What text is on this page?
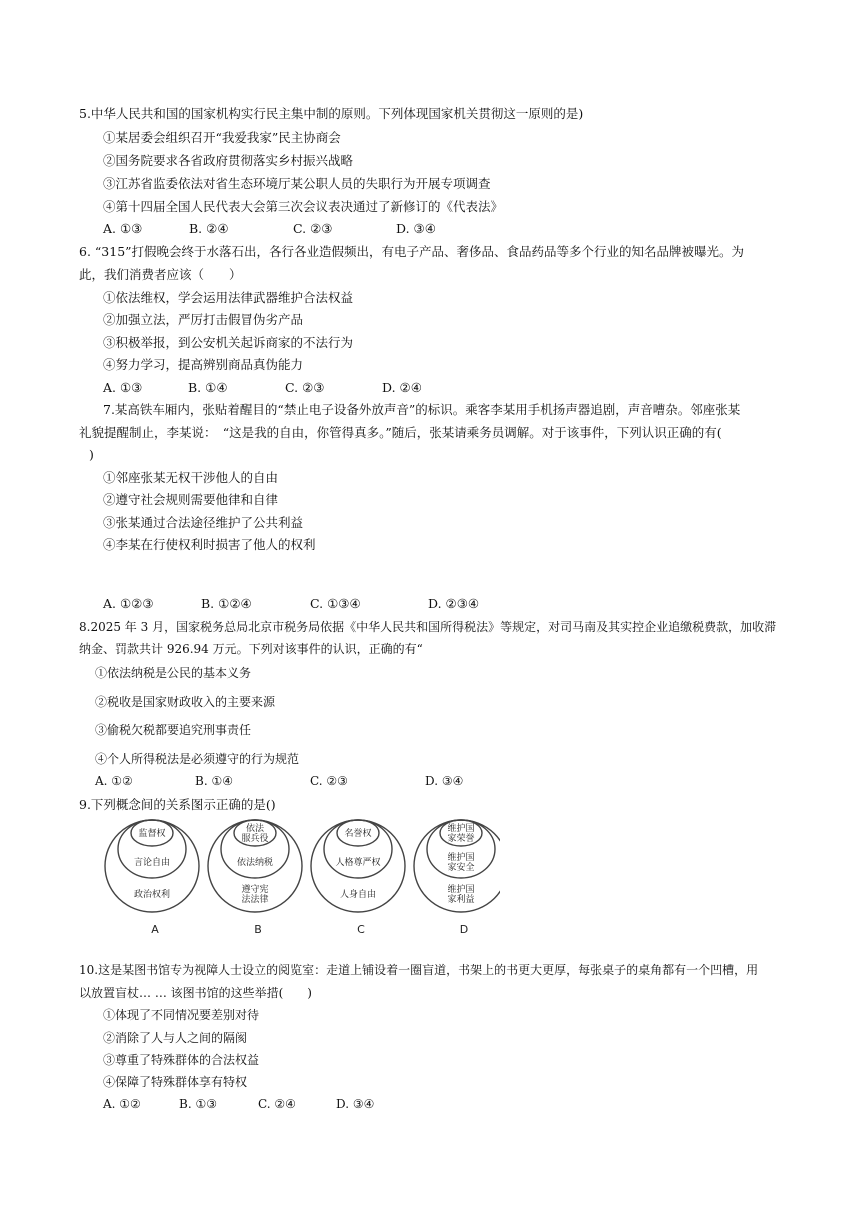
5.中华人民共和国的国家机构实行民主集中制的原则。下列体现国家机关贯彻这一原则的是)
①某居委会组织召开“我爱我家”民主协商会
②国务院要求各省政府贯彻落实乡村振兴战略
③江苏省监委依法对省生态环境厅某公职人员的失职行为开展专项调查
④第十四届全国人民代表大会第三次会议表决通过了新修订的《代表法》
A. ①③	B. ②④	C. ②③	D. ③④
6. “315”打假晚会终于水落石出，各行各业造假频出，有电子产品、奢侈品、食品药品等多个行业的知名品牌被曝光。为
此，我们消费者应该（　　）
①依法维权，学会运用法律武器维护合法权益
②加强立法，严厉打击假冒伪劣产品
③积极举报，到公安机关起诉商家的不法行为
④努力学习，提高辨别商品真伪能力
A. ①③	B. ①④	C. ②③	D. ②④
7.某高铁车厢内，张贴着醒目的“禁止电子设备外放声音”的标识。乘客李某用手机扬声器追剧，声音嘈杂。邻座张某
礼貌提醒制止，李某说：　“这是我的自由，你管得真多。”随后，张某请乘务员调解。对于该事件，下列认识正确的有(
)
①邻座张某无权干涉他人的自由
②遵守社会规则需要他律和自律
③张某通过合法途径维护了公共利益
④李某在行使权利时损害了他人的权利
A. ①②③	B. ①②④	C. ①③④	D. ②③④
8.2025 年 3 月，国家税务总局北京市税务局依据《中华人民共和国所得税法》等规定，对司马南及其实控企业追缴税费款，加收滞
纳金、罚款共计 926.94 万元。下列对该事件的认识，正确的有“
①依法纳税是公民的基本义务
②税收是国家财政收入的主要来源
③偷税欠税都要追究刑事责任
④个人所得税法是必须遵守的行为规范
A. ①②	B. ①④	C. ②③	D. ③④
9.下列概念间的关系图示正确的是()
监督权
言论自由
政治权利
A
依法服兵役
依法纳税
遵守宪法法律
B
名誉权
人格尊严权
人身自由
C
维护国家荣誉
维护国家安全
维护国家利益
D
10.这是某图书馆专为视障人士设立的阅览室：走道上铺设着一圈盲道，书架上的书更大更厚，每张桌子的桌角都有一个凹槽，用
以放置盲杖… … 该图书馆的这些举措(　　)
①体现了不同情况要差别对待
②消除了人与人之间的隔阂
③尊重了特殊群体的合法权益
④保障了特殊群体享有特权
A. ①②	B. ①③	C. ②④	D. ③④
